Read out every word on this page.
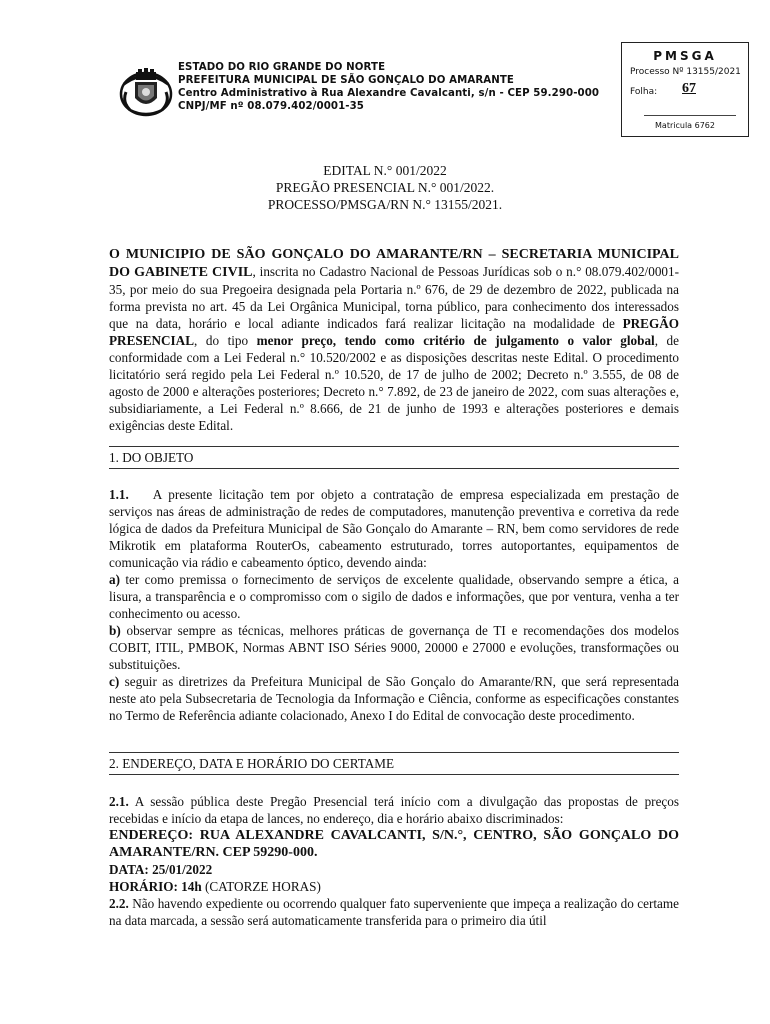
ESTADO DO RIO GRANDE DO NORTE
PREFEITURA MUNICIPAL DE SÃO GONÇALO DO AMARANTE
Centro Administrativo à Rua Alexandre Cavalcanti, s/n - CEP 59.290-000
CNPJ/MF nº 08.079.402/0001-35
PMSGA
Processo Nº 13155/2021
Folha: 67
Matricula 6762
EDITAL N.° 001/2022
PREGÃO PRESENCIAL N.° 001/2022.
PROCESSO/PMSGA/RN N.° 13155/2021.
O MUNICIPIO DE SÃO GONÇALO DO AMARANTE/RN – SECRETARIA MUNICIPAL DO GABINETE CIVIL, inscrita no Cadastro Nacional de Pessoas Jurídicas sob o n.° 08.079.402/0001-35, por meio do sua Pregoeira designada pela Portaria n.º 676, de 29 de dezembro de 2022, publicada na forma prevista no art. 45 da Lei Orgânica Municipal, torna público, para conhecimento dos interessados que na data, horário e local adiante indicados fará realizar licitação na modalidade de PREGÃO PRESENCIAL, do tipo menor preço, tendo como critério de julgamento o valor global, de conformidade com a Lei Federal n.° 10.520/2002 e as disposições descritas neste Edital. O procedimento licitatório será regido pela Lei Federal n.º 10.520, de 17 de julho de 2002; Decreto n.º 3.555, de 08 de agosto de 2000 e alterações posteriores; Decreto n.° 7.892, de 23 de janeiro de 2022, com suas alterações e, subsidiariamente, a Lei Federal n.º 8.666, de 21 de junho de 1993 e alterações posteriores e demais exigências deste Edital.
1. DO OBJETO
1.1. A presente licitação tem por objeto a contratação de empresa especializada em prestação de serviços nas áreas de administração de redes de computadores, manutenção preventiva e corretiva da rede lógica de dados da Prefeitura Municipal de São Gonçalo do Amarante – RN, bem como servidores de rede Mikrotik em plataforma RouterOs, cabeamento estruturado, torres autoportantes, equipamentos de comunicação via rádio e cabeamento óptico, devendo ainda:
a) ter como premissa o fornecimento de serviços de excelente qualidade, observando sempre a ética, a lisura, a transparência e o compromisso com o sigilo de dados e informações, que por ventura, venha a ter conhecimento ou acesso.
b) observar sempre as técnicas, melhores práticas de governança de TI e recomendações dos modelos COBIT, ITIL, PMBOK, Normas ABNT ISO Séries 9000, 20000 e 27000 e evoluções, transformações ou substituições.
c) seguir as diretrizes da Prefeitura Municipal de São Gonçalo do Amarante/RN, que será representada neste ato pela Subsecretaria de Tecnologia da Informação e Ciência, conforme as especificações constantes no Termo de Referência adiante colacionado, Anexo I do Edital de convocação deste procedimento.
2. ENDEREÇO, DATA E HORÁRIO DO CERTAME
2.1. A sessão pública deste Pregão Presencial terá início com a divulgação das propostas de preços recebidas e início da etapa de lances, no endereço, dia e horário abaixo discriminados:
ENDEREÇO: RUA ALEXANDRE CAVALCANTI, S/N.°, CENTRO, SÃO GONÇALO DO AMARANTE/RN. CEP 59290-000.
DATA: 25/01/2022
HORÁRIO: 14h (CATORZE HORAS)
2.2. Não havendo expediente ou ocorrendo qualquer fato superveniente que impeça a realização do certame na data marcada, a sessão será automaticamente transferida para o primeiro dia útil
